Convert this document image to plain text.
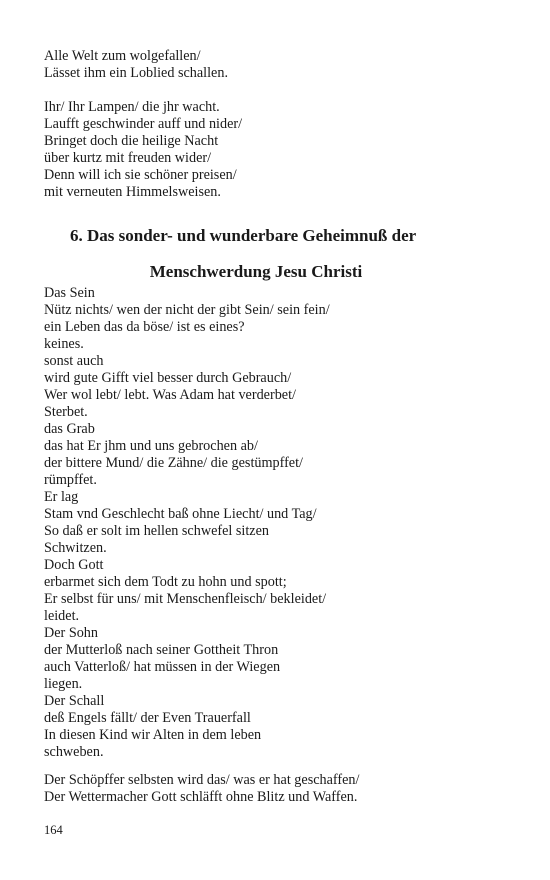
Alle Welt zum wolgefallen/
Lässet ihm ein Loblied schallen.
Ihr/ Ihr Lampen/ die jhr wacht.
Laufft geschwinder auff und nider/
Bringet doch die heilige Nacht
über kurtz mit freuden wider/
Denn will ich sie schöner preisen/
mit verneuten Himmelsweisen.
6. Das sonder- und wunderbare Geheimnuß der
Menschwerdung Jesu Christi
Das Sein
Nütz nichts/ wen der nicht der gibt Sein/ sein fein/
ein Leben das da böse/ ist es eines?
keines.
sonst auch
wird gute Gifft viel besser durch Gebrauch/
Wer wol lebt/ lebt. Was Adam hat verderbet/
Sterbet.
das Grab
das hat Er jhm und uns gebrochen ab/
der bittere Mund/ die Zähne/ die gestümpffet/
rümpffet.
Er lag
Stam vnd Geschlecht baß ohne Liecht/ und Tag/
So daß er solt im hellen schwefel sitzen
Schwitzen.
Doch Gott
erbarmet sich dem Todt zu hohn und spott;
Er selbst für uns/ mit Menschenfleisch/ bekleidet/
leidet.
Der Sohn
der Mutterloß nach seiner Gottheit Thron
auch Vatterloß/ hat müssen in der Wiegen
liegen.
Der Schall
deß Engels fällt/ der Even Trauerfall
In diesen Kind wir Alten in dem leben
schweben.
Der Schöpffer selbsten wird das/ was er hat geschaffen/
Der Wettermacher Gott schläfft ohne Blitz und Waffen.
164
